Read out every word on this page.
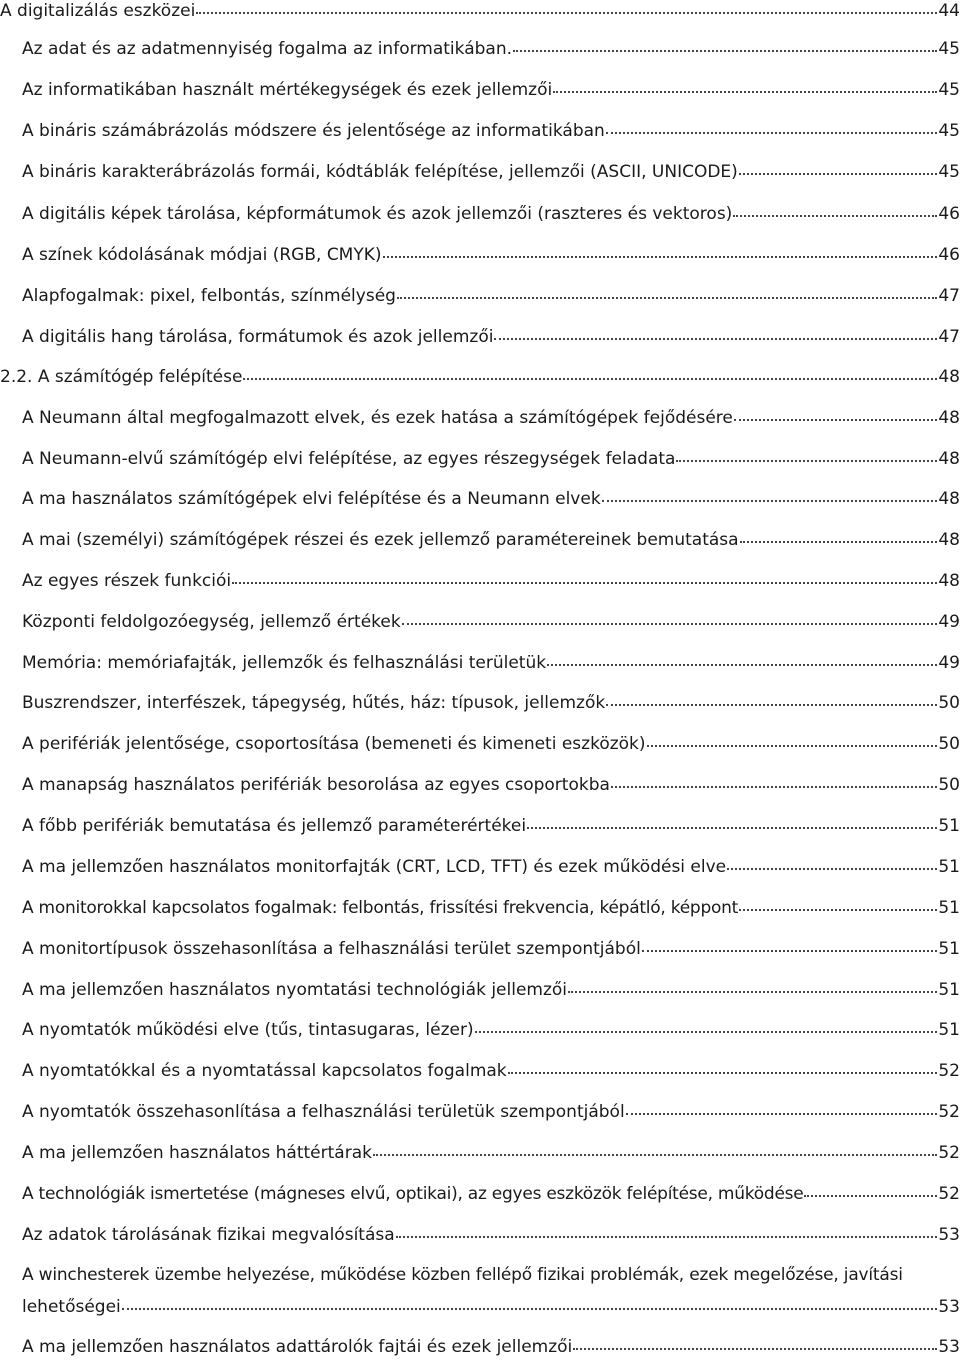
A digitalizálás eszközei	44
Az adat és az adatmennyiség fogalma az informatikában.	45
Az informatikában használt mértékegységek és ezek jellemzői	45
A bináris számábrázolás módszere és jelentősége az informatikában	45
A bináris karakterábrázolás formái, kódtáblák felépítése, jellemzői (ASCII, UNICODE)	45
A digitális képek tárolása, képformátumok és azok jellemzői (raszteres és vektoros)	46
A színek kódolásának módjai (RGB, CMYK)	46
Alapfogalmak: pixel, felbontás, színmélység	47
A digitális hang tárolása, formátumok és azok jellemzői	47
2.2. A számítógép felépítése	48
A Neumann által megfogalmazott elvek, és ezek hatása a számítógépek fejődésére	48
A Neumann-elvű számítógép elvi felépítése, az egyes részegységek feladata	48
A ma használatos számítógépek elvi felépítése és a Neumann elvek	48
A mai (személyi) számítógépek részei és ezek jellemző paramétereinek bemutatása	48
Az egyes részek funkciói	48
Központi feldolgozóegység, jellemző értékek	49
Memória: memóriafajták, jellemzők és felhasználási területük	49
Buszrendszer, interfészek, tápegység, hűtés, ház: típusok, jellemzők	50
A perifériák jelentősége, csoportosítása (bemeneti és kimeneti eszközök)	50
A manapság használatos perifériák besorolása az egyes csoportokba	50
A főbb perifériák bemutatása és jellemző paraméterértékei	51
A ma jellemzően használatos monitorfajták (CRT, LCD, TFT) és ezek működési elve	51
A monitorokkal kapcsolatos fogalmak: felbontás, frissítési frekvencia, képátló, képpont	51
A monitortípusok összehasonlítása a felhasználási terület szempontjából	51
A ma jellemzően használatos nyomtatási technológiák jellemzői	51
A nyomtatók működési elve (tűs, tintasugaras, lézer)	51
A nyomtatókkal és a nyomtatással kapcsolatos fogalmak	52
A nyomtatók összehasonlítása a felhasználási területük szempontjából	52
A ma jellemzően használatos háttértárak	52
A technológiák ismertetése (mágneses elvű, optikai), az egyes eszközök felépítése, működése	52
Az adatok tárolásának fizikai megvalósítása	53
A winchesterek üzembe helyezése, működése közben fellépő fizikai problémák, ezek megelőzése, javítási
lehetőségei	53
A ma jellemzően használatos adattárolók fajtái és ezek jellemzői	53
